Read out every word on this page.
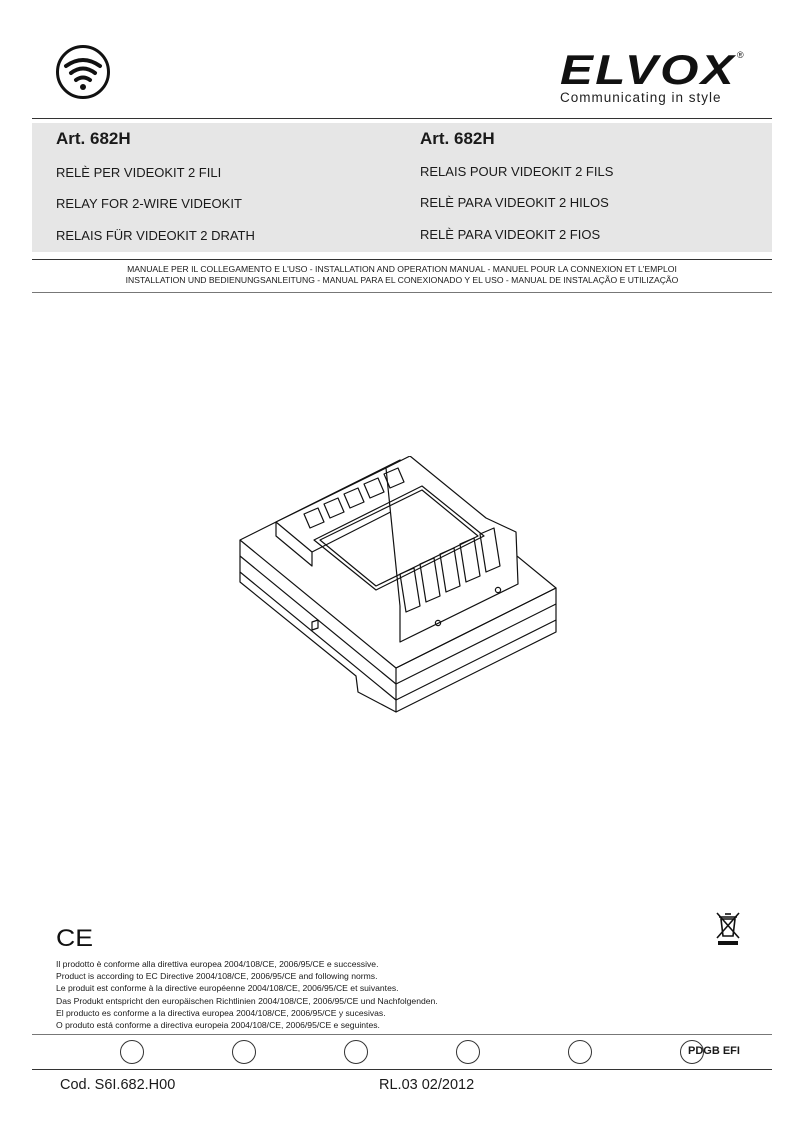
ELVOX ®
Communicating in style
Art. 682H
RELÈ PER VIDEOKIT 2 FILI
RELAY FOR 2-WIRE VIDEOKIT
RELAIS FÜR VIDEOKIT 2 DRATH
Art. 682H
RELAIS POUR VIDEOKIT 2 FILS
RELÈ PARA VIDEOKIT 2 HILOS
RELÈ PARA VIDEOKIT 2 FIOS
MANUALE PER IL COLLEGAMENTO E L'USO - INSTALLATION AND OPERATION MANUAL - MANUEL POUR LA CONNEXION ET L'EMPLOI
INSTALLATION UND BEDIENUNGSANLEITUNG - MANUAL PARA EL CONEXIONADO Y EL USO - MANUAL DE INSTALAÇÃO E UTILIZAÇÃO
CE
Il prodotto è conforme alla direttiva europea 2004/108/CE, 2006/95/CE e successive.
Product is according to EC Directive 2004/108/CE, 2006/95/CE and following norms.
Le produit est conforme à la directive européenne 2004/108/CE, 2006/95/CE et suivantes.
Das Produkt entspricht den europäischen Richtlinien 2004/108/CE, 2006/95/CE und Nachfolgenden.
El producto es conforme a la directiva europea 2004/108/CE, 2006/95/CE y sucesivas.
O produto está conforme a directiva europeia 2004/108/CE, 2006/95/CE e seguintes.
PDGB EFI
Cod. S6I.682.H00	RL.03 02/2012
